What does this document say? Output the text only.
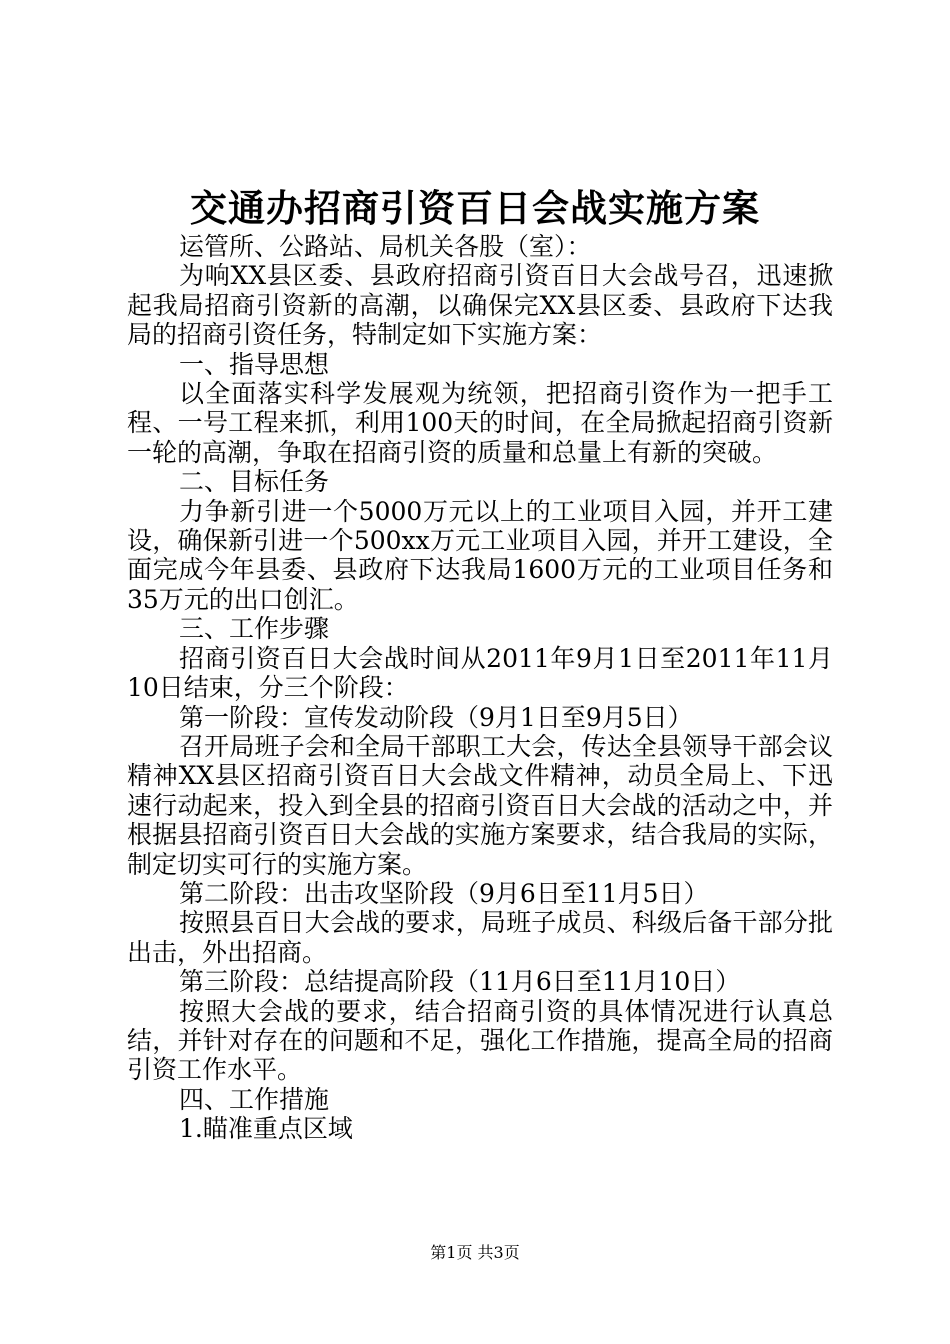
交通办招商引资百日会战实施方案

运管所、公路站、局机关各股（室）：

为响XX县区委、县政府招商引资百日大会战号召，迅速掀起我局招商引资新的高潮，以确保完XX县区委、县政府下达我局的招商引资任务，特制定如下实施方案：

一、指导思想

以全面落实科学发展观为统领，把招商引资作为一把手工程、一号工程来抓，利用100天的时间，在全局掀起招商引资新一轮的高潮，争取在招商引资的质量和总量上有新的突破。

二、目标任务

力争新引进一个5000万元以上的工业项目入园，并开工建设，确保新引进一个500xx万元工业项目入园，并开工建设，全面完成今年县委、县政府下达我局1600万元的工业项目任务和35万元的出口创汇。

三、工作步骤

招商引资百日大会战时间从2011年9月1日至2011年11月10日结束，分三个阶段：

第一阶段：宣传发动阶段（9月1日至9月5日）

召开局班子会和全局干部职工大会，传达全县领导干部会议精神XX县区招商引资百日大会战文件精神，动员全局上、下迅速行动起来，投入到全县的招商引资百日大会战的活动之中，并根据县招商引资百日大会战的实施方案要求，结合我局的实际，制定切实可行的实施方案。

第二阶段：出击攻坚阶段（9月6日至11月5日）

按照县百日大会战的要求，局班子成员、科级后备干部分批出击，外出招商。

第三阶段：总结提高阶段（11月6日至11月10日）

按照大会战的要求，结合招商引资的具体情况进行认真总结，并针对存在的问题和不足，强化工作措施，提高全局的招商引资工作水平。

四、工作措施

1.瞄准重点区域

第1页 共3页
